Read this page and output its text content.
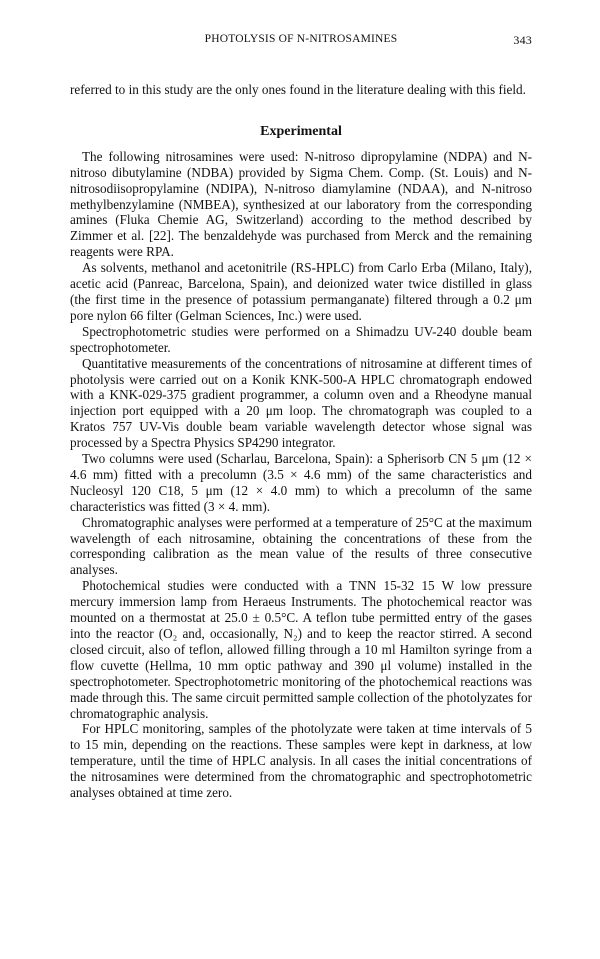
PHOTOLYSIS OF N-NITROSAMINES	343

referred to in this study are the only ones found in the literature dealing with this field.

Experimental

The following nitrosamines were used: N-nitroso dipropylamine (NDPA) and N-nitroso dibutylamine (NDBA) provided by Sigma Chem. Comp. (St. Louis) and N-nitrosodiisopropylamine (NDIPA), N-nitroso diamylamine (NDAA), and N-nitroso methylbenzylamine (NMBEA), synthesized at our laboratory from the corresponding amines (Fluka Chemie AG, Switzerland) according to the method described by Zimmer et al. [22]. The benzaldehyde was purchased from Merck and the remaining reagents were RPA.

As solvents, methanol and acetonitrile (RS-HPLC) from Carlo Erba (Milano, Italy), acetic acid (Panreac, Barcelona, Spain), and deionized water twice distilled in glass (the first time in the presence of potassium permanganate) filtered through a 0.2 μm pore nylon 66 filter (Gelman Sciences, Inc.) were used.

Spectrophotometric studies were performed on a Shimadzu UV-240 double beam spectrophotometer.

Quantitative measurements of the concentrations of nitrosamine at different times of photolysis were carried out on a Konik KNK-500-A HPLC chromatograph endowed with a KNK-029-375 gradient programmer, a column oven and a Rheodyne manual injection port equipped with a 20 μm loop. The chromatograph was coupled to a Kratos 757 UV-Vis double beam variable wavelength detector whose signal was processed by a Spectra Physics SP4290 integrator.

Two columns were used (Scharlau, Barcelona, Spain): a Spherisorb CN 5 μm (12 × 4.6 mm) fitted with a precolumn (3.5 × 4.6 mm) of the same characteristics and Nucleosyl 120 C18, 5 μm (12 × 4.0 mm) to which a precolumn of the same characteristics was fitted (3 × 4. mm).

Chromatographic analyses were performed at a temperature of 25°C at the maximum wavelength of each nitrosamine, obtaining the concentrations of these from the corresponding calibration as the mean value of the results of three consecutive analyses.

Photochemical studies were conducted with a TNN 15-32 15 W low pressure mercury immersion lamp from Heraeus Instruments. The photochemical reactor was mounted on a thermostat at 25.0 ± 0.5°C. A teflon tube permitted entry of the gases into the reactor (O₂ and, occasionally, N₂) and to keep the reactor stirred. A second closed circuit, also of teflon, allowed filling through a 10 ml Hamilton syringe from a flow cuvette (Hellma, 10 mm optic pathway and 390 μl volume) installed in the spectrophotometer. Spectrophotometric monitoring of the photochemical reactions was made through this. The same circuit permitted sample collection of the photolyzates for chromatographic analysis.

For HPLC monitoring, samples of the photolyzate were taken at time intervals of 5 to 15 min, depending on the reactions. These samples were kept in darkness, at low temperature, until the time of HPLC analysis. In all cases the initial concentrations of the nitrosamines were determined from the chromatographic and spectrophotometric analyses obtained at time zero.
